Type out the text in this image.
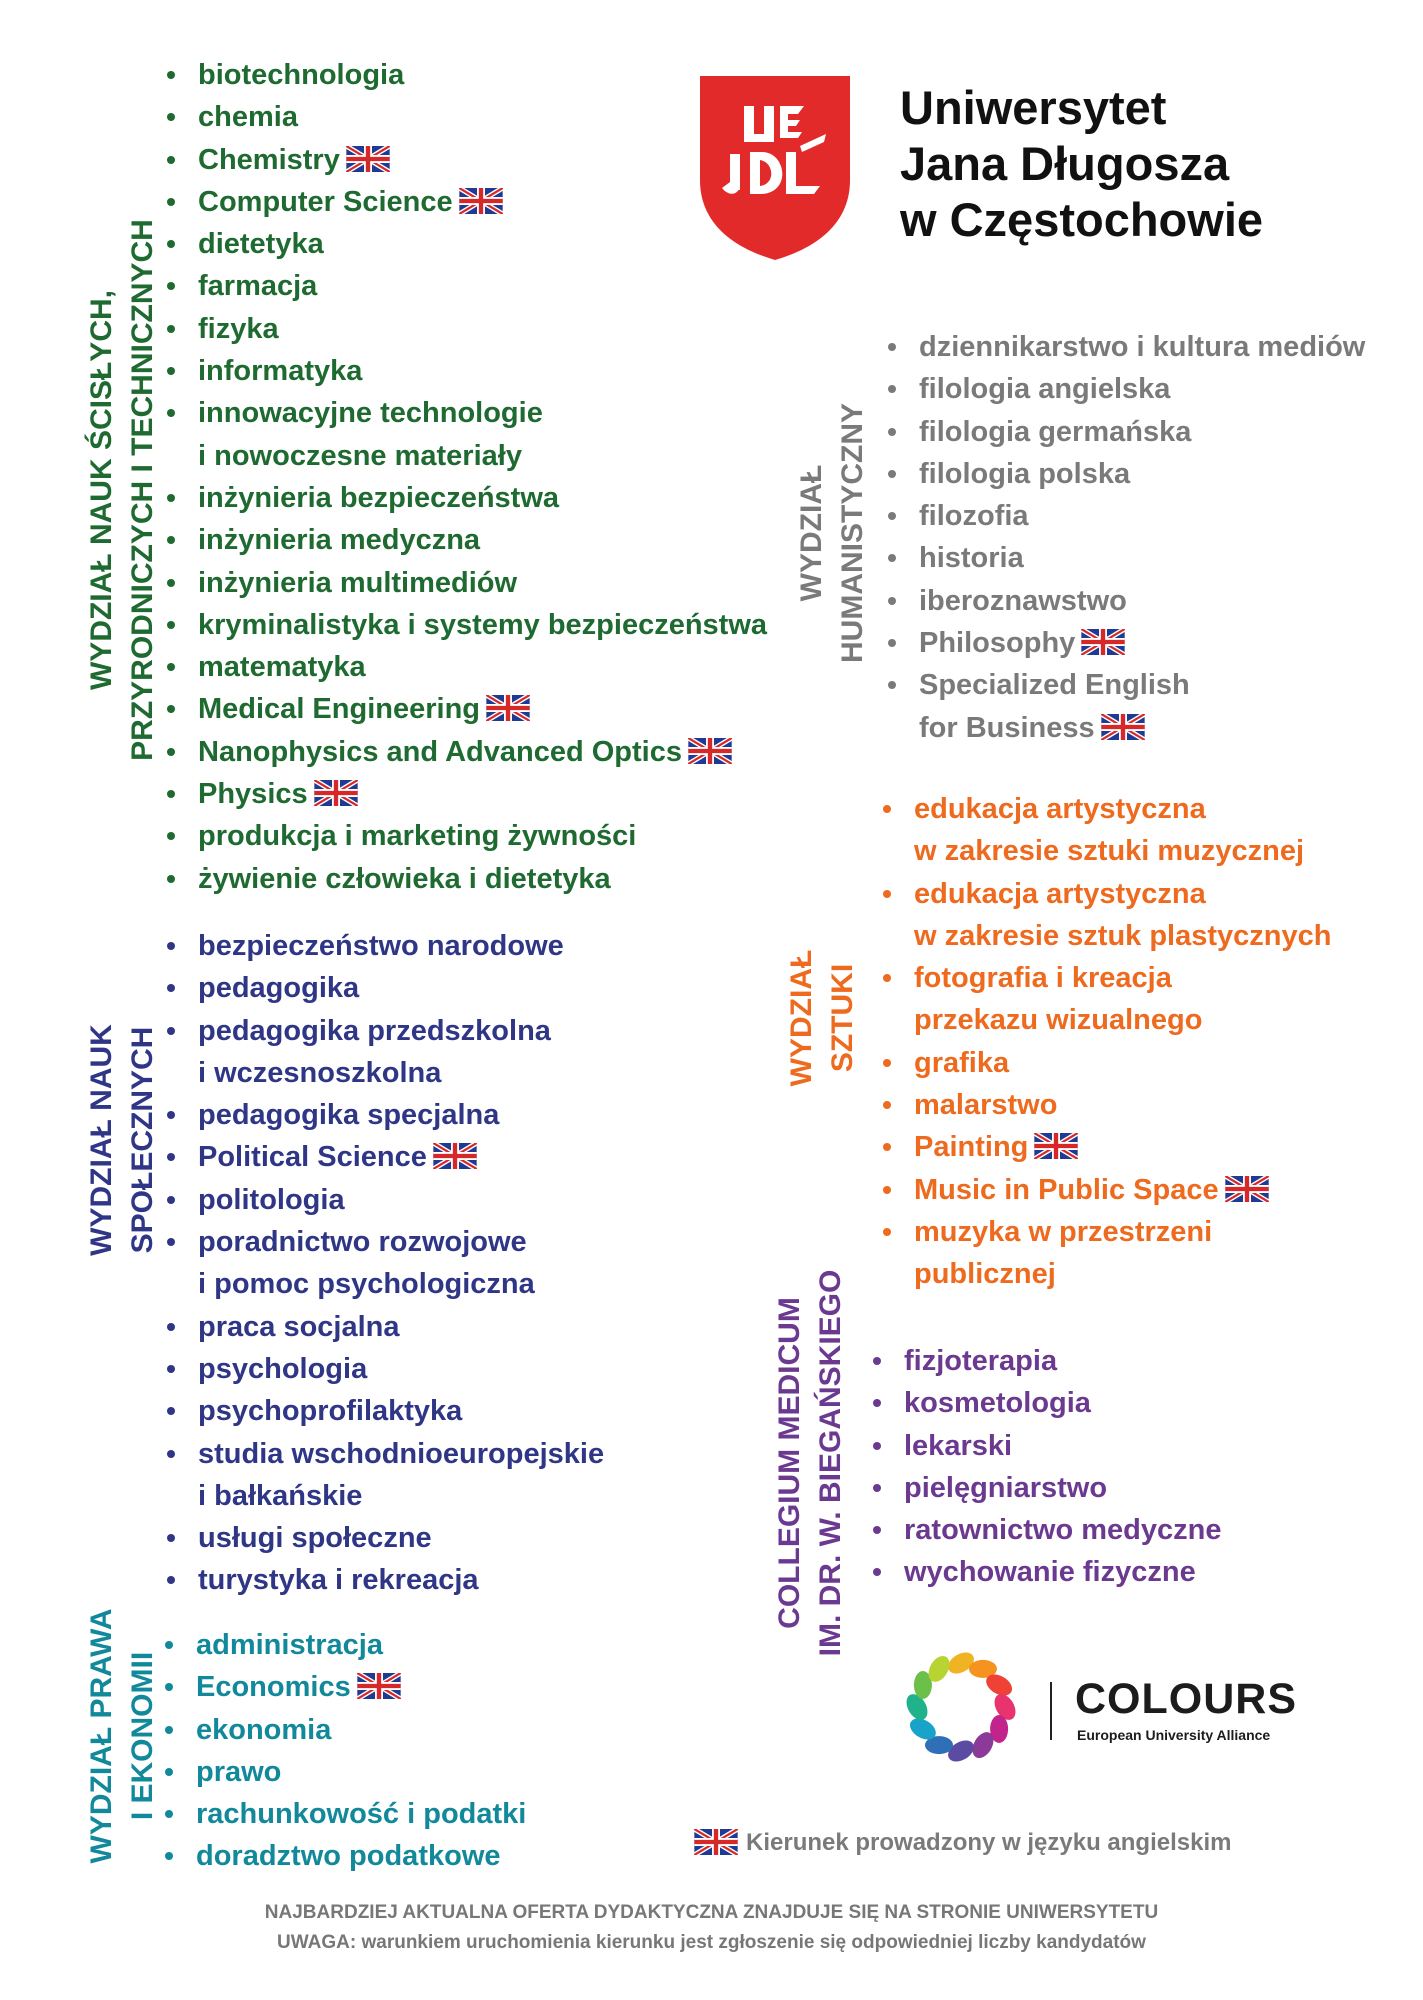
Uniwersytet
Jana Długosza
w Częstochowie
WYDZIAŁ NAUK ŚCISŁYCH, PRZYRODNICZYCH I TECHNICZNYCH
WYDZIAŁ NAUK SPOŁECZNYCH
WYDZIAŁ PRAWA I EKONOMII
WYDZIAŁ HUMANISTYCZNY
WYDZIAŁ SZTUKI
COLLEGIUM MEDICUM IM. DR. W. BIEGAŃSKIEGO
biotechnologia
chemia
Chemistry
Computer Science
dietetyka
farmacja
fizyka
informatyka
innowacyjne technologie
i nowoczesne materiały
inżynieria bezpieczeństwa
inżynieria medyczna
inżynieria multimediów
kryminalistyka i systemy bezpieczeństwa
matematyka
Medical Engineering
Nanophysics and Advanced Optics
Physics
produkcja i marketing żywności
żywienie człowieka i dietetyka
bezpieczeństwo narodowe
pedagogika
pedagogika przedszkolna
i wczesnoszkolna
pedagogika specjalna
Political Science
politologia
poradnictwo rozwojowe
i pomoc psychologiczna
praca socjalna
psychologia
psychoprofilaktyka
studia wschodnioeuropejskie
i bałkańskie
usługi społeczne
turystyka i rekreacja
administracja
Economics
ekonomia
prawo
rachunkowość i podatki
doradztwo podatkowe
dziennikarstwo i kultura mediów
filologia angielska
filologia germańska
filologia polska
filozofia
historia
iberoznawstwo
Philosophy
Specialized English
for Business
edukacja artystyczna
w zakresie sztuki muzycznej
edukacja artystyczna
w zakresie sztuk plastycznych
fotografia i kreacja
przekazu wizualnego
grafika
malarstwo
Painting
Music in Public Space
muzyka w przestrzeni
publicznej
fizjoterapia
kosmetologia
lekarski
pielęgniarstwo
ratownictwo medyczne
wychowanie fizyczne
COLOURS
European University Alliance
Kierunek prowadzony w języku angielskim
NAJBARDZIEJ AKTUALNA OFERTA DYDAKTYCZNA ZNAJDUJE SIĘ NA STRONIE UNIWERSYTETU
UWAGA: warunkiem uruchomienia kierunku jest zgłoszenie się odpowiedniej liczby kandydatów
